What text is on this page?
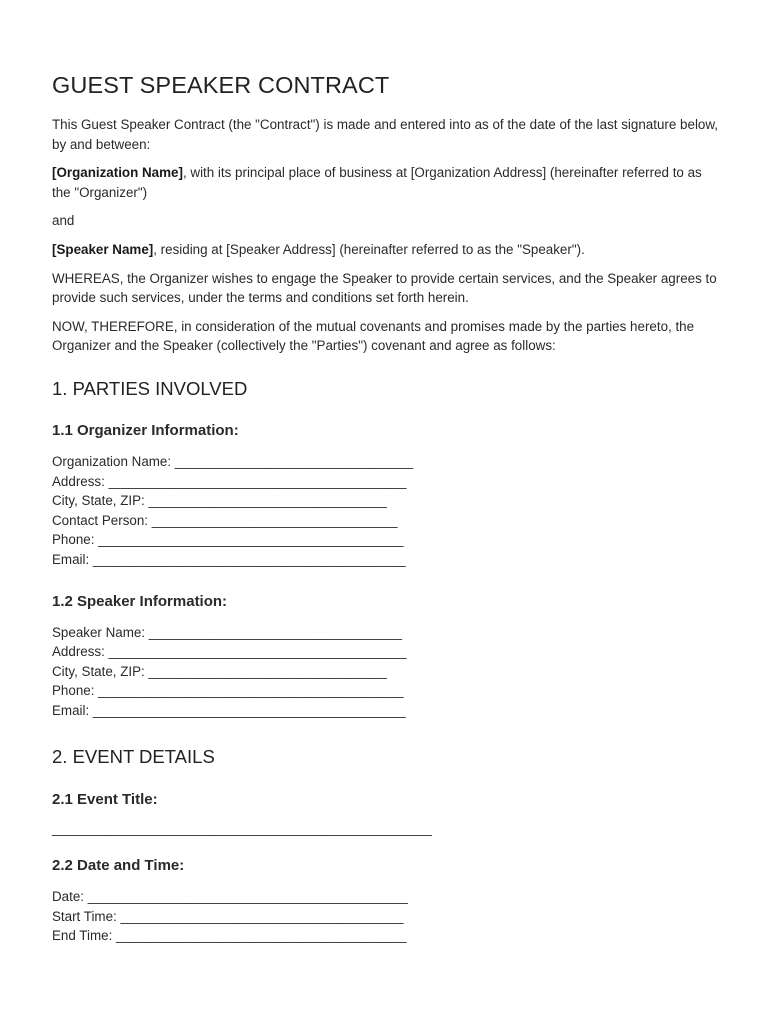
GUEST SPEAKER CONTRACT

This Guest Speaker Contract (the "Contract") is made and entered into as of the date of the last signature below, by and between:

[Organization Name], with its principal place of business at [Organization Address] (hereinafter referred to as the "Organizer")

and

[Speaker Name], residing at [Speaker Address] (hereinafter referred to as the "Speaker").

WHEREAS, the Organizer wishes to engage the Speaker to provide certain services, and the Speaker agrees to provide such services, under the terms and conditions set forth herein.

NOW, THEREFORE, in consideration of the mutual covenants and promises made by the parties hereto, the Organizer and the Speaker (collectively the "Parties") covenant and agree as follows:

1. PARTIES INVOLVED
1.1 Organizer Information:
Organization Name: ________________________________
Address: ________________________________________
City, State, ZIP: ________________________________
Contact Person: _________________________________
Phone: _________________________________________
Email: __________________________________________
1.2 Speaker Information:
Speaker Name: __________________________________
Address: ________________________________________
City, State, ZIP: ________________________________
Phone: _________________________________________
Email: __________________________________________
2. EVENT DETAILS
2.1 Event Title:
___________________________________________________
2.2 Date and Time:
Date: ___________________________________________
Start Time: ______________________________________
End Time: _______________________________________
